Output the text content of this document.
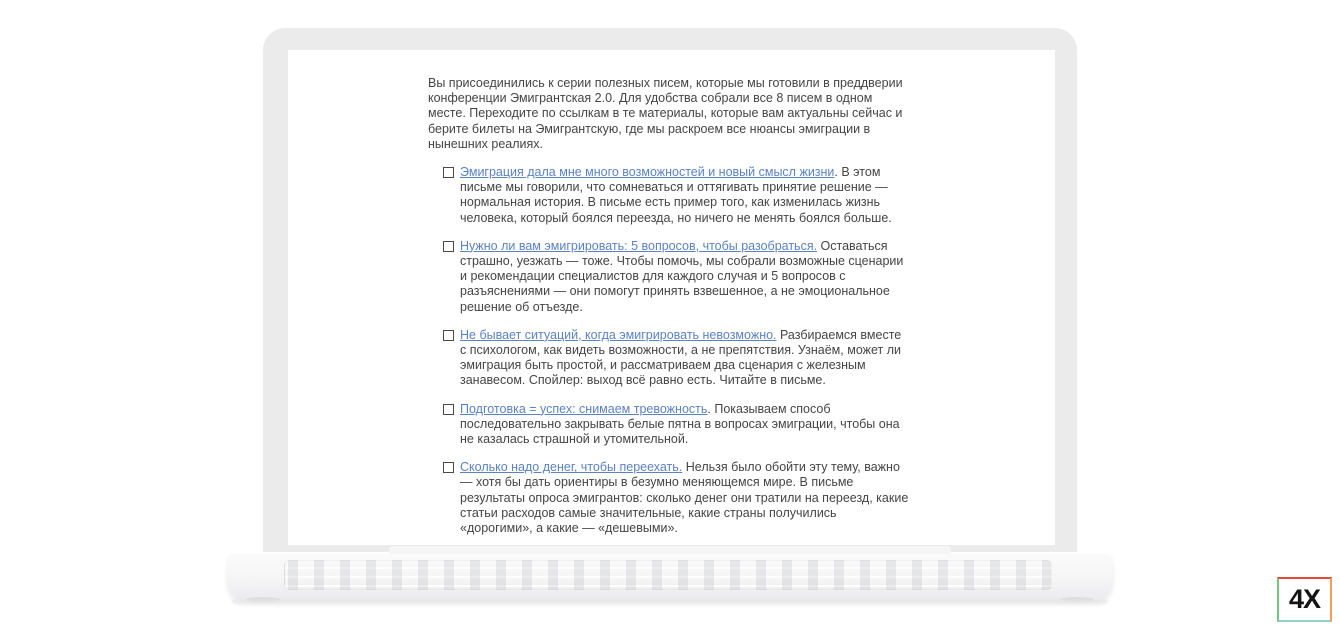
Вы присоединились к серии полезных писем, которые мы готовили в преддверии конференции Эмигрантская 2.0. Для удобства собрали все 8 писем в одном месте. Переходите по ссылкам в те материалы, которые вам актуальны сейчас и берите билеты на Эмигрантскую, где мы раскроем все нюансы эмиграции в нынешних реалиях.

Эмиграция дала мне много возможностей и новый смысл жизни. В этом письме мы говорили, что сомневаться и оттягивать принятие решение — нормальная история. В письме есть пример того, как изменилась жизнь человека, который боялся переезда, но ничего не менять боялся больше.
Нужно ли вам эмигрировать: 5 вопросов, чтобы разобраться. Оставаться страшно, уезжать — тоже. Чтобы помочь, мы собрали возможные сценарии и рекомендации специалистов для каждого случая и 5 вопросов с разъяснениями — они помогут принять взвешенное, а не эмоциональное решение об отъезде.
Не бывает ситуаций, когда эмигрировать невозможно. Разбираемся вместе с психологом, как видеть возможности, а не препятствия. Узнаём, может ли эмиграция быть простой, и рассматриваем два сценария с железным занавесом. Спойлер: выход всё равно есть. Читайте в письме.
Подготовка = успех: снимаем тревожность. Показываем способ последовательно закрывать белые пятна в вопросах эмиграции, чтобы она не казалась страшной и утомительной.
Сколько надо денег, чтобы переехать. Нельзя было обойти эту тему, важно — хотя бы дать ориентиры в безумно меняющемся мире. В письме результаты опроса эмигрантов: сколько денег они тратили на переезд, какие статьи расходов самые значительные, какие страны получились «дорогими», а какие — «дешевыми».
4X
